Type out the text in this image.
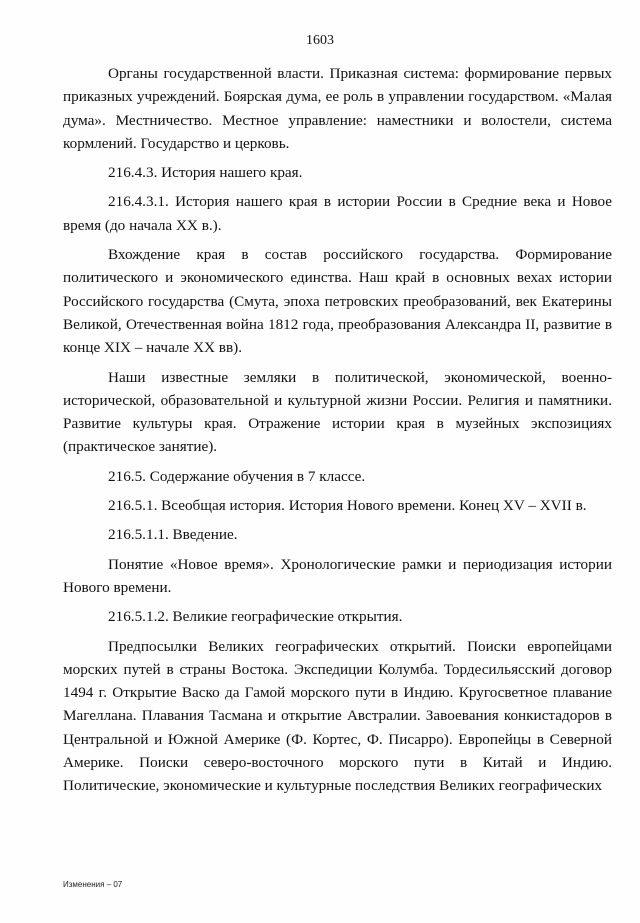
1603

Органы государственной власти. Приказная система: формирование первых приказных учреждений. Боярская дума, ее роль в управлении государством. «Малая дума». Местничество. Местное управление: наместники и волостели, система кормлений. Государство и церковь.

216.4.3. История нашего края.

216.4.3.1. История нашего края в истории России в Средние века и Новое время (до начала XX в.).

Вхождение края в состав российского государства. Формирование политического и экономического единства. Наш край в основных вехах истории Российского государства (Смута, эпоха петровских преобразований, век Екатерины Великой, Отечественная война 1812 года, преобразования Александра II, развитие в конце XIX – начале XX вв).

Наши известные земляки в политической, экономической, военно-исторической, образовательной и культурной жизни России. Религия и памятники. Развитие культуры края. Отражение истории края в музейных экспозициях (практическое занятие).

216.5. Содержание обучения в 7 классе.

216.5.1. Всеобщая история. История Нового времени. Конец XV – XVII в.

216.5.1.1. Введение.

Понятие «Новое время». Хронологические рамки и периодизация истории Нового времени.

216.5.1.2. Великие географические открытия.

Предпосылки Великих географических открытий. Поиски европейцами морских путей в страны Востока. Экспедиции Колумба. Тордесильясский договор 1494 г. Открытие Васко да Гамой морского пути в Индию. Кругосветное плавание Магеллана. Плавания Тасмана и открытие Австралии. Завоевания конкистадоров в Центральной и Южной Америке (Ф. Кортес, Ф. Писарро). Европейцы в Северной Америке. Поиски северо-восточного морского пути в Китай и Индию. Политические, экономические и культурные последствия Великих географических

Изменения – 07
